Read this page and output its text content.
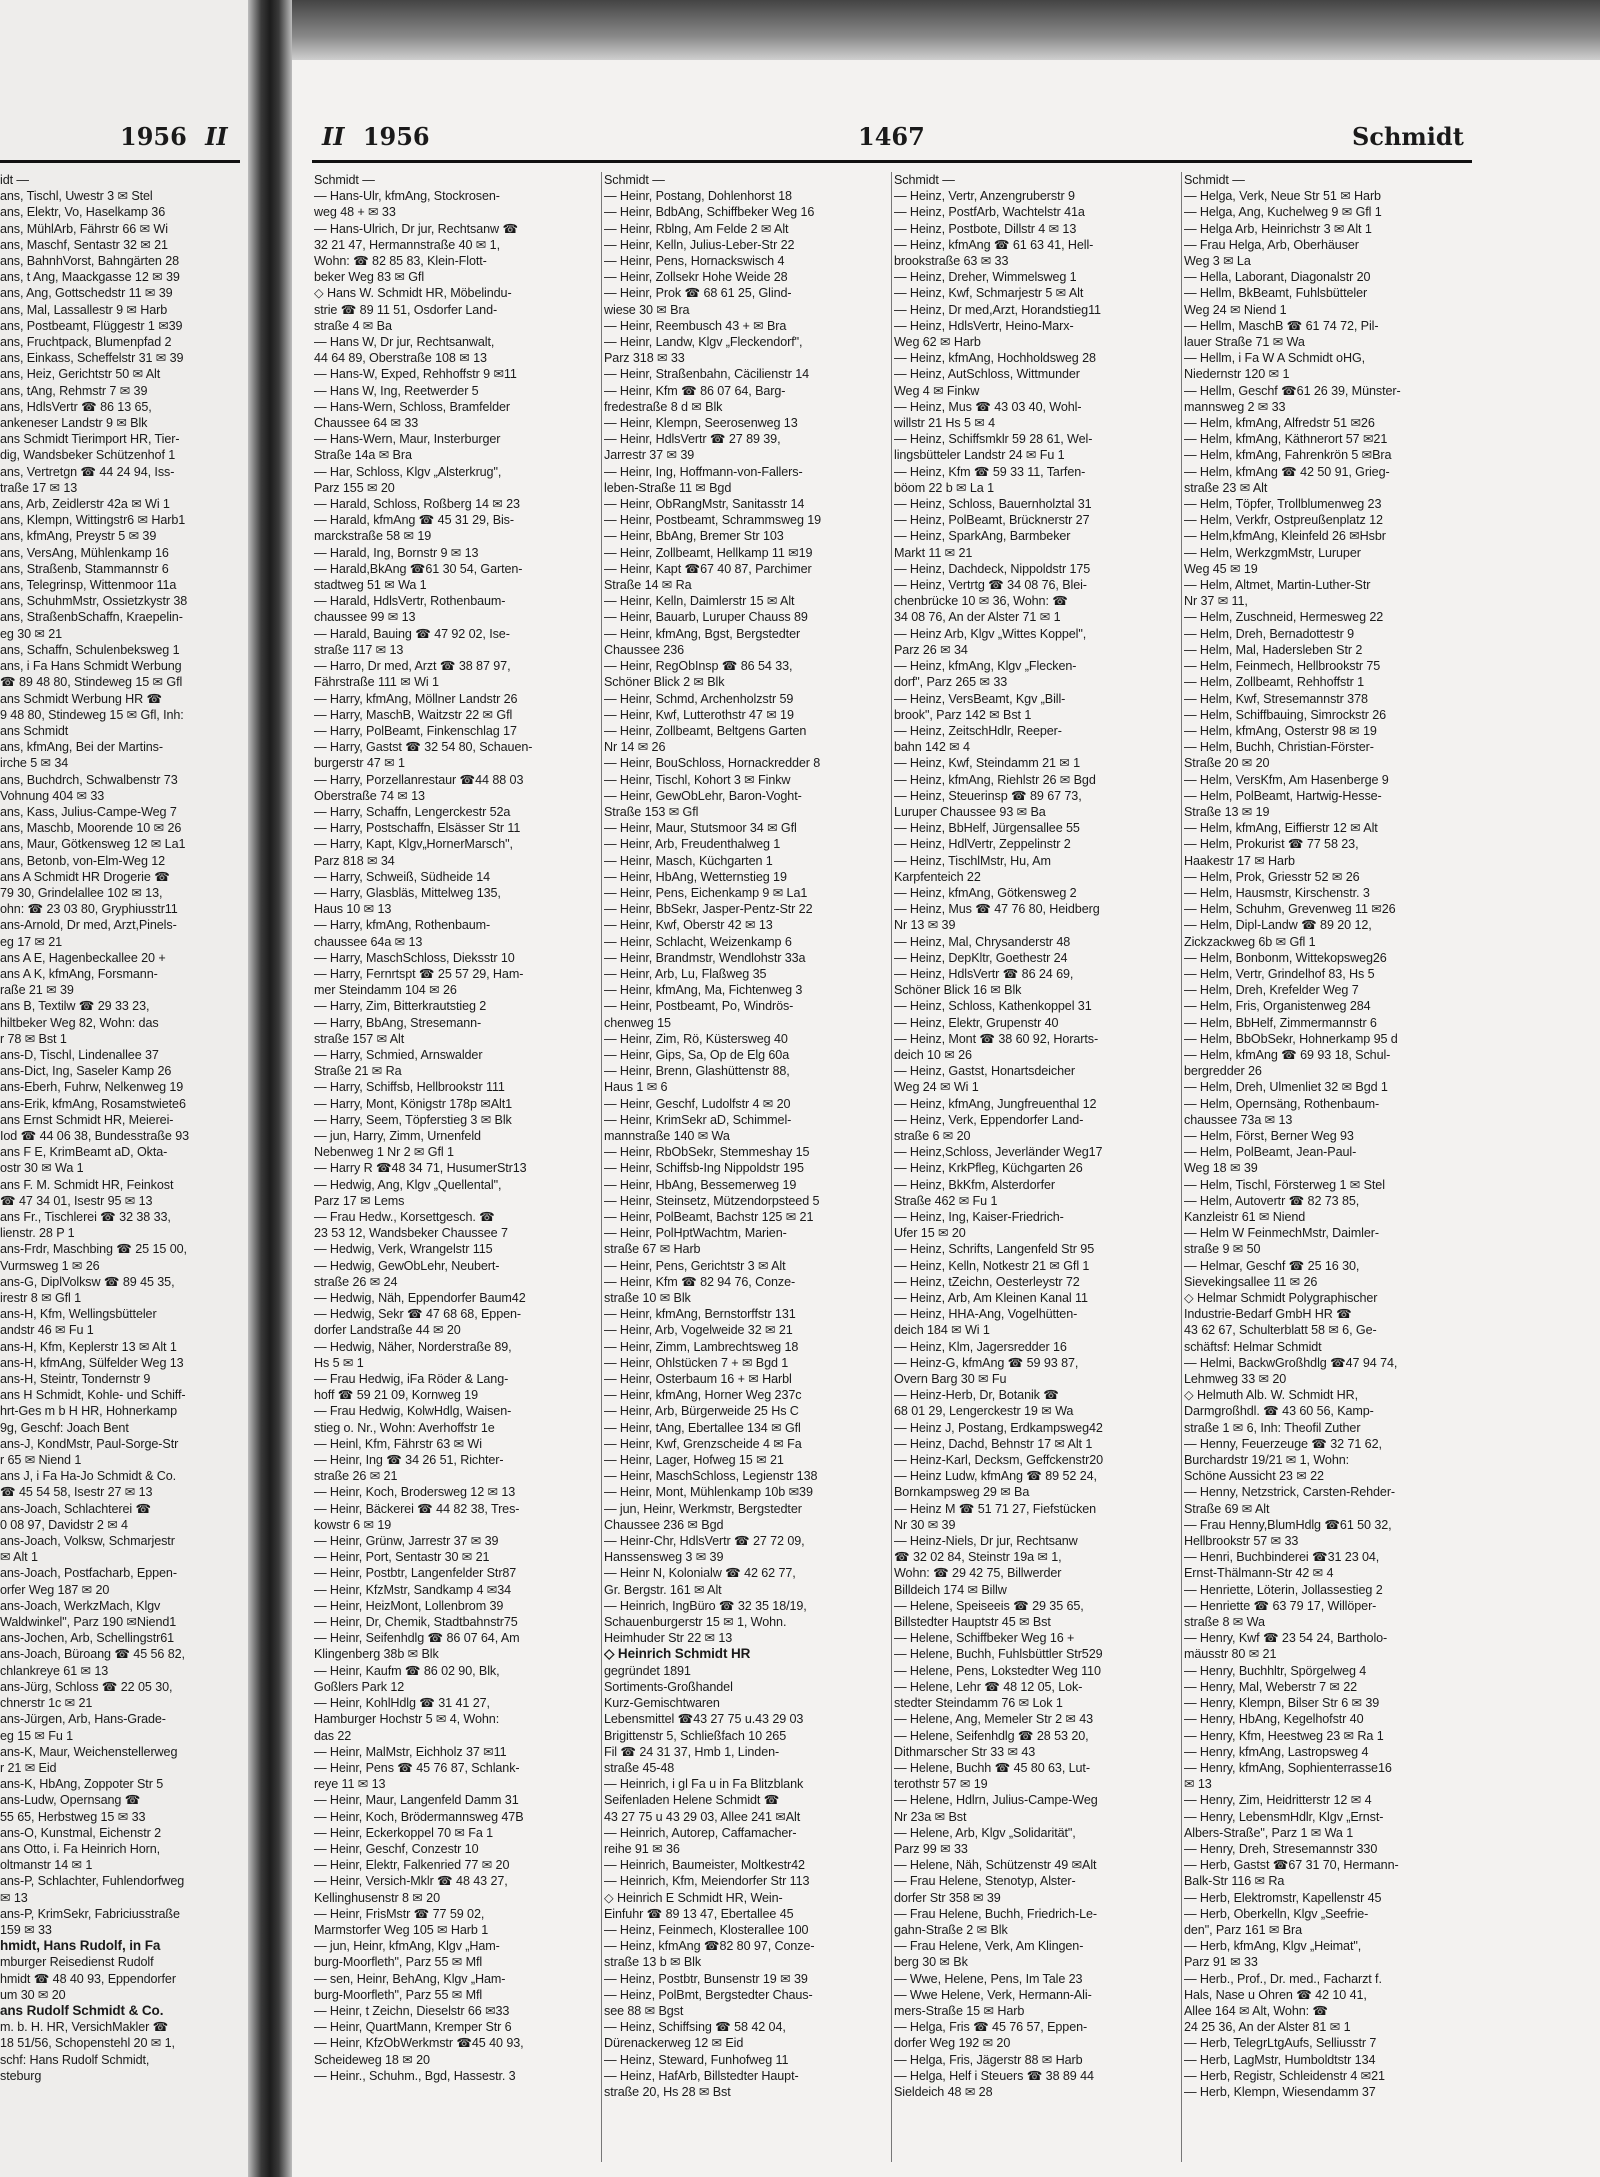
1956 II	II 1956	1467	Schmidt
idt —
ans, Tischl, Uwestr 3 ✉ Stel
ans, Elektr, Vo, Haselkamp 36
ans, MühlArb, Fährstr 66 ✉ Wi
ans, Maschf, Sentastr 32 ✉ 21
ans, BahnhVorst, Bahngärten 28
ans, t Ang, Maackgasse 12 ✉ 39
ans, Ang, Gottschedstr 11 ✉ 39
ans, Mal, Lassallestr 9 ✉ Harb
ans, Postbeamt, Flüggestr 1 ✉39
ans, Fruchtpack, Blumenpfad 2
ans, Einkass, Scheffelstr 31 ✉ 39
ans, Heiz, Gerichtstr 50 ✉ Alt
ans, tAng, Rehmstr 7 ✉ 39
ans, HdlsVertr ☎ 86 13 65,
ankeneser Landstr 9 ✉ Blk
ans Schmidt Tierimport HR, Tier-
dig, Wandsbeker Schützenhof 1
ans, Vertretgn ☎ 44 24 94, Iss-
traße 17 ✉ 13
ans, Arb, Zeidlerstr 42a ✉ Wi 1
ans, Klempn, Wittingstr6 ✉ Harb1
ans, kfmAng, Preystr 5 ✉ 39
ans, VersAng, Mühlenkamp 16
ans, Straßenb, Stammannstr 6
ans, Telegrinsp, Wittenmoor 11a
ans, SchuhmMstr, Ossietzkystr 38
ans, StraßenbSchaffn, Kraepelin-
eg 30 ✉ 21
ans, Schaffn, Schulenbeksweg 1
ans, i Fa Hans Schmidt Werbung
☎ 89 48 80, Stindeweg 15 ✉ Gfl
ans Schmidt Werbung HR ☎
9 48 80, Stindeweg 15 ✉ Gfl, Inh:
ans Schmidt
ans, kfmAng, Bei der Martins-
irche 5 ✉ 34
ans, Buchdrch, Schwalbenstr 73
Vohnung 404 ✉ 33
ans, Kass, Julius-Campe-Weg 7
ans, Maschb, Moorende 10 ✉ 26
ans, Maur, Götkensweg 12 ✉ La1
ans, Betonb, von-Elm-Weg 12
ans A Schmidt HR Drogerie ☎
79 30, Grindelallee 102 ✉ 13,
ohn: ☎ 23 03 80, Gryphiusstr11
ans-Arnold, Dr med, Arzt,Pinels-
eg 17 ✉ 21
ans A E, Hagenbeckallee 20 +
ans A K, kfmAng, Forsmann-
raße 21 ✉ 39
ans B, Textilw ☎ 29 33 23,
hiltbeker Weg 82, Wohn: das
r 78 ✉ Bst 1
ans-D, Tischl, Lindenallee 37
ans-Dict, Ing, Saseler Kamp 26
ans-Eberh, Fuhrw, Nelkenweg 19
ans-Erik, kfmAng, Rosamstwiete6
ans Ernst Schmidt HR, Meierei-
Iod ☎ 44 06 38, Bundesstraße 93
ans F E, KrimBeamt aD, Okta-
ostr 30 ✉ Wa 1
ans F. M. Schmidt HR, Feinkost
☎ 47 34 01, Isestr 95 ✉ 13
ans Fr., Tischlerei ☎ 32 38 33,
lienstr. 28 P 1
ans-Frdr, Maschbing ☎ 25 15 00,
Vurmsweg 1 ✉ 26
ans-G, DiplVolksw ☎ 89 45 35,
irestr 8 ✉ Gfl 1
ans-H, Kfm, Wellingsbütteler
andstr 46 ✉ Fu 1
ans-H, Kfm, Keplerstr 13 ✉ Alt 1
ans-H, kfmAng, Sülfelder Weg 13
ans-H, Steintr, Tondernstr 9
ans H Schmidt, Kohle- und Schiff-
hrt-Ges m b H HR, Hohnerkamp
9g, Geschf: Joach Bent
ans-J, KondMstr, Paul-Sorge-Str
r 65 ✉ Niend 1
ans J, i Fa Ha-Jo Schmidt & Co.
☎ 45 54 58, Isestr 27 ✉ 13
ans-Joach, Schlachterei ☎
0 08 97, Davidstr 2 ✉ 4
ans-Joach, Volksw, Schmarjestr
✉ Alt 1
ans-Joach, Postfacharb, Eppen-
orfer Weg 187 ✉ 20
ans-Joach, WerkzMach, Klgv
Waldwinkel", Parz 190 ✉Niend1
ans-Jochen, Arb, Schellingstr61
ans-Joach, Büroang ☎ 45 56 82,
chlankreye 61 ✉ 13
ans-Jürg, Schloss ☎ 22 05 30,
chnerstr 1c ✉ 21
ans-Jürgen, Arb, Hans-Grade-
eg 15 ✉ Fu 1
ans-K, Maur, Weichenstellerweg
r 21 ✉ Eid
ans-K, HbAng, Zoppoter Str 5
ans-Ludw, Opernsang ☎
55 65, Herbstweg 15 ✉ 33
ans-O, Kunstmal, Eichenstr 2
ans Otto, i. Fa Heinrich Horn,
oltmanstr 14 ✉ 1
ans-P, Schlachter, Fuhlendorfweg
✉ 13
ans-P, KrimSekr, Fabriciusstraße
159 ✉ 33
hmidt, Hans Rudolf, in Fa
mburger Reisedienst Rudolf
hmidt ☎ 48 40 93, Eppendorfer
um 30 ✉ 20
ans Rudolf Schmidt & Co.
m. b. H. HR, VersichMakler ☎
18 51/56, Schopenstehl 20 ✉ 1,
schf: Hans Rudolf Schmidt,
steburg
Schmidt —
— Hans-Ulr, kfmAng, Stockrosen-
weg 48 + ✉ 33
— Hans-Ulrich, Dr jur, Rechtsanw ☎
32 21 47, Hermannstraße 40 ✉ 1,
Wohn: ☎ 82 85 83, Klein-Flott-
beker Weg 83 ✉ Gfl
◇ Hans W. Schmidt HR, Möbelindu-
strie ☎ 89 11 51, Osdorfer Land-
straße 4 ✉ Ba
— Hans W, Dr jur, Rechtsanwalt,
44 64 89, Oberstraße 108 ✉ 13
— Hans-W, Exped, Rehhoffstr 9 ✉11
— Hans W, Ing, Reetwerder 5
— Hans-Wern, Schloss, Bramfelder
Chaussee 64 ✉ 33
— Hans-Wern, Maur, Insterburger
Straße 14a ✉ Bra
— Har, Schloss, Klgv „Alsterkrug",
Parz 155 ✉ 20
— Harald, Schloss, Roßberg 14 ✉ 23
— Harald, kfmAng ☎ 45 31 29, Bis-
marckstraße 58 ✉ 19
— Harald, Ing, Bornstr 9 ✉ 13
— Harald,BkAng ☎61 30 54, Garten-
stadtweg 51 ✉ Wa 1
— Harald, HdlsVertr, Rothenbaum-
chaussee 99 ✉ 13
— Harald, Bauing ☎ 47 92 02, Ise-
straße 117 ✉ 13
— Harro, Dr med, Arzt ☎ 38 87 97,
Fährstraße 111 ✉ Wi 1
— Harry, kfmAng, Möllner Landstr 26
— Harry, MaschB, Waitzstr 22 ✉ Gfl
— Harry, PolBeamt, Finkenschlag 17
— Harry, Gastst ☎ 32 54 80, Schauen-
burgerstr 47 ✉ 1
— Harry, Porzellanrestaur ☎44 88 03
Oberstraße 74 ✉ 13
— Harry, Schaffn, Lengerckestr 52a
— Harry, Postschaffn, Elsässer Str 11
— Harry, Kapt, Klgv„HornerMarsch",
Parz 818 ✉ 34
— Harry, Schweiß, Südheide 14
— Harry, Glasbläs, Mittelweg 135,
Haus 10 ✉ 13
— Harry, kfmAng, Rothenbaum-
chaussee 64a ✉ 13
— Harry, MaschSchloss, Dieksstr 10
— Harry, Fernrtspt ☎ 25 57 29, Ham-
mer Steindamm 104 ✉ 26
— Harry, Zim, Bitterkrautstieg 2
— Harry, BbAng, Stresemann-
straße 157 ✉ Alt
— Harry, Schmied, Arnswalder
Straße 21 ✉ Ra
— Harry, Schiffsb, Hellbrookstr 111
— Harry, Mont, Königstr 178p ✉Alt1
— Harry, Seem, Töpferstieg 3 ✉ Blk
— jun, Harry, Zimm, Urnenfeld
Nebenweg 1 Nr 2 ✉ Gfl 1
— Harry R ☎48 34 71, HusumerStr13
— Hedwig, Ang, Klgv „Quellental",
Parz 17 ✉ Lems
— Frau Hedw., Korsettgesch. ☎
23 53 12, Wandsbeker Chaussee 7
— Hedwig, Verk, Wrangelstr 115
— Hedwig, GewObLehr, Neubert-
straße 26 ✉ 24
— Hedwig, Näh, Eppendorfer Baum42
— Hedwig, Sekr ☎ 47 68 68, Eppen-
dorfer Landstraße 44 ✉ 20
— Hedwig, Näher, Norderstraße 89,
Hs 5 ✉ 1
— Frau Hedwig, iFa Röder & Lang-
hoff ☎ 59 21 09, Kornweg 19
— Frau Hedwig, KolwHdlg, Waisen-
stieg o. Nr., Wohn: Averhoffstr 1e
— Heinl, Kfm, Fährstr 63 ✉ Wi
— Heinr, Ing ☎ 34 26 51, Richter-
straße 26 ✉ 21
— Heinr, Koch, Brodersweg 12 ✉ 13
— Heinr, Bäckerei ☎ 44 82 38, Tres-
kowstr 6 ✉ 19
— Heinr, Grünw, Jarrestr 37 ✉ 39
— Heinr, Port, Sentastr 30 ✉ 21
— Heinr, Postbtr, Langenfelder Str87
— Heinr, KfzMstr, Sandkamp 4 ✉34
— Heinr, HeizMont, Lollenbrom 39
— Heinr, Dr, Chemik, Stadtbahnstr75
— Heinr, Seifenhdlg ☎ 86 07 64, Am
Klingenberg 38b ✉ Blk
— Heinr, Kaufm ☎ 86 02 90, Blk,
Goßlers Park 12
— Heinr, KohlHdlg ☎ 31 41 27,
Hamburger Hochstr 5 ✉ 4, Wohn:
das 22
— Heinr, MalMstr, Eichholz 37 ✉11
— Heinr, Pens ☎ 45 76 87, Schlank-
reye 11 ✉ 13
— Heinr, Maur, Langenfeld Damm 31
— Heinr, Koch, Brödermannsweg 47B
— Heinr, Eckerkoppel 70 ✉ Fa 1
— Heinr, Geschf, Conzestr 10
— Heinr, Elektr, Falkenried 77 ✉ 20
— Heinr, Versich-Mklr ☎ 48 43 27,
Kellinghusenstr 8 ✉ 20
— Heinr, FrisMstr ☎ 77 59 02,
Marmstorfer Weg 105 ✉ Harb 1
— jun, Heinr, kfmAng, Klgv „Ham-
burg-Moorfleth", Parz 55 ✉ Mfl
— sen, Heinr, BehAng, Klgv „Ham-
burg-Moorfleth", Parz 55 ✉ Mfl
— Heinr, t Zeichn, Dieselstr 66 ✉33
— Heinr, QuartMann, Kremper Str 6
— Heinr, KfzObWerkmstr ☎45 40 93,
Scheideweg 18 ✉ 20
— Heinr., Schuhm., Bgd, Hassestr. 3
Schmidt —
— Heinr, Postang, Dohlenhorst 18
— Heinr, BdbAng, Schiffbeker Weg 16
— Heinr, Rblng, Am Felde 2 ✉ Alt
— Heinr, Kelln, Julius-Leber-Str 22
— Heinr, Pens, Hornackswisch 4
— Heinr, Zollsekr Hohe Weide 28
— Heinr, Prok ☎ 68 61 25, Glind-
wiese 30 ✉ Bra
— Heinr, Reembusch 43 + ✉ Bra
— Heinr, Landw, Klgv „Fleckendorf",
Parz 318 ✉ 33
— Heinr, Straßenbahn, Cäcilienstr 14
— Heinr, Kfm ☎ 86 07 64, Barg-
fredestraße 8 d ✉ Blk
— Heinr, Klempn, Seerosenweg 13
— Heinr, HdlsVertr ☎ 27 89 39,
Jarrestr 37 ✉ 39
— Heinr, Ing, Hoffmann-von-Fallers-
leben-Straße 11 ✉ Bgd
— Heinr, ObRangMstr, Sanitasstr 14
— Heinr, Postbeamt, Schrammsweg 19
— Heinr, BbAng, Bremer Str 103
— Heinr, Zollbeamt, Hellkamp 11 ✉19
— Heinr, Kapt ☎67 40 87, Parchimer
Straße 14 ✉ Ra
— Heinr, Kelln, Daimlerstr 15 ✉ Alt
— Heinr, Bauarb, Luruper Chauss 89
— Heinr, kfmAng, Bgst, Bergstedter
Chaussee 236
— Heinr, RegObInsp ☎ 86 54 33,
Schöner Blick 2 ✉ Blk
— Heinr, Schmd, Archenholzstr 59
— Heinr, Kwf, Lutterothstr 47 ✉ 19
— Heinr, Zollbeamt, Beltgens Garten
Nr 14 ✉ 26
— Heinr, BouSchloss, Hornackredder 8
— Heinr, Tischl, Kohort 3 ✉ Finkw
— Heinr, GewObLehr, Baron-Voght-
Straße 153 ✉ Gfl
— Heinr, Maur, Stutsmoor 34 ✉ Gfl
— Heinr, Arb, Freudenthalweg 1
— Heinr, Masch, Küchgarten 1
— Heinr, HbAng, Wetternstieg 19
— Heinr, Pens, Eichenkamp 9 ✉ La1
— Heinr, BbSekr, Jasper-Pentz-Str 22
— Heinr, Kwf, Oberstr 42 ✉ 13
— Heinr, Schlacht, Weizenkamp 6
— Heinr, Brandmstr, Wendlohstr 33a
— Heinr, Arb, Lu, Flaßweg 35
— Heinr, kfmAng, Ma, Fichtenweg 3
— Heinr, Postbeamt, Po, Windrös-
chenweg 15
— Heinr, Zim, Rö, Küstersweg 40
— Heinr, Gips, Sa, Op de Elg 60a
— Heinr, Brenn, Glashüttenstr 88,
Haus 1 ✉ 6
— Heinr, Geschf, Ludolfstr 4 ✉ 20
— Heinr, KrimSekr aD, Schimmel-
mannstraße 140 ✉ Wa
— Heinr, RbObSekr, Stemmeshay 15
— Heinr, Schiffsb-Ing Nippoldstr 195
— Heinr, HbAng, Bessemerweg 19
— Heinr, Steinsetz, Mützendorpsteed 5
— Heinr, PolBeamt, Bachstr 125 ✉ 21
— Heinr, PolHptWachtm, Marien-
straße 67 ✉ Harb
— Heinr, Pens, Gerichtstr 3 ✉ Alt
— Heinr, Kfm ☎ 82 94 76, Conze-
straße 10 ✉ Blk
— Heinr, kfmAng, Bernstorffstr 131
— Heinr, Arb, Vogelweide 32 ✉ 21
— Heinr, Zimm, Lambrechtsweg 18
— Heinr, Ohlstücken 7 + ✉ Bgd 1
— Heinr, Osterbaum 16 + ✉ Harbl
— Heinr, kfmAng, Horner Weg 237c
— Heinr, Arb, Bürgerweide 25 Hs C
— Heinr, tAng, Ebertallee 134 ✉ Gfl
— Heinr, Kwf, Grenzscheide 4 ✉ Fa
— Heinr, Lager, Hofweg 15 ✉ 21
— Heinr, MaschSchloss, Legienstr 138
— Heinr, Mont, Mühlenkamp 10b ✉39
— jun, Heinr, Werkmstr, Bergstedter
Chaussee 236 ✉ Bgd
— Heinr-Chr, HdlsVertr ☎ 27 72 09,
Hanssensweg 3 ✉ 39
— Heinr N, Kolonialw ☎ 42 62 77,
Gr. Bergstr. 161 ✉ Alt
— Heinrich, IngBüro ☎ 32 35 18/19,
Schauenburgerstr 15 ✉ 1, Wohn.
Heimhuder Str 22 ✉ 13
◇ Heinrich Schmidt HR
gegründet 1891
Sortiments-Großhandel
Kurz-Gemischtwaren
Lebensmittel ☎43 27 75 u.43 29 03
Brigittenstr 5, Schließfach 10 265
Fil ☎ 24 31 37, Hmb 1, Linden-
straße 45-48
— Heinrich, i gl Fa u in Fa Blitzblank
Seifenladen Helene Schmidt ☎
43 27 75 u 43 29 03, Allee 241 ✉Alt
— Heinrich, Autorep, Caffamacher-
reihe 91 ✉ 36
— Heinrich, Baumeister, Moltkestr42
— Heinrich, Kfm, Meiendorfer Str 113
◇ Heinrich E Schmidt HR, Wein-
Einfuhr ☎ 89 13 47, Ebertallee 45
— Heinz, Feinmech, Klosterallee 100
— Heinz, kfmAng ☎82 80 97, Conze-
straße 13 b ✉ Blk
— Heinz, Postbtr, Bunsenstr 19 ✉ 39
— Heinz, PolBmt, Bergstedter Chaus-
see 88 ✉ Bgst
— Heinz, Schiffsing ☎ 58 42 04,
Dürenackerweg 12 ✉ Eid
— Heinz, Steward, Funhofweg 11
— Heinz, HafArb, Billstedter Haupt-
straße 20, Hs 28 ✉ Bst
Schmidt —
— Heinz, Vertr, Anzengruberstr 9
— Heinz, PostfArb, Wachtelstr 41a
— Heinz, Postbote, Dillstr 4 ✉ 13
— Heinz, kfmAng ☎ 61 63 41, Hell-
brookstraße 63 ✉ 33
— Heinz, Dreher, Wimmelsweg 1
— Heinz, Kwf, Schmarjestr 5 ✉ Alt
— Heinz, Dr med,Arzt, Horandstieg11
— Heinz, HdlsVertr, Heino-Marx-
Weg 62 ✉ Harb
— Heinz, kfmAng, Hochholdsweg 28
— Heinz, AutSchloss, Wittmunder
Weg 4 ✉ Finkw
— Heinz, Mus ☎ 43 03 40, Wohl-
willstr 21 Hs 5 ✉ 4
— Heinz, Schiffsmklr 59 28 61, Wel-
lingsbütteler Landstr 24 ✉ Fu 1
— Heinz, Kfm ☎ 59 33 11, Tarfen-
böom 22 b ✉ La 1
— Heinz, Schloss, Bauernholztal 31
— Heinz, PolBeamt, Brücknerstr 27
— Heinz, SparkAng, Barmbeker
Markt 11 ✉ 21
— Heinz, Dachdeck, Nippoldstr 175
— Heinz, Vertrtg ☎ 34 08 76, Blei-
chenbrücke 10 ✉ 36, Wohn: ☎
34 08 76, An der Alster 71 ✉ 1
— Heinz Arb, Klgv „Wittes Koppel",
Parz 26 ✉ 34
— Heinz, kfmAng, Klgv „Flecken-
dorf", Parz 265 ✉ 33
— Heinz, VersBeamt, Kgv „Bill-
brook", Parz 142 ✉ Bst 1
— Heinz, ZeitschHdlr, Reeper-
bahn 142 ✉ 4
— Heinz, Kwf, Steindamm 21 ✉ 1
— Heinz, kfmAng, Riehlstr 26 ✉ Bgd
— Heinz, Steuerinsp ☎ 89 67 73,
Luruper Chaussee 93 ✉ Ba
— Heinz, BbHelf, Jürgensallee 55
— Heinz, HdlVertr, Zeppelinstr 2
— Heinz, TischlMstr, Hu, Am
Karpfenteich 22
— Heinz, kfmAng, Götkensweg 2
— Heinz, Mus ☎ 47 76 80, Heidberg
Nr 13 ✉ 39
— Heinz, Mal, Chrysanderstr 48
— Heinz, DepKltr, Goethestr 24
— Heinz, HdlsVertr ☎ 86 24 69,
Schöner Blick 16 ✉ Blk
— Heinz, Schloss, Kathenkoppel 31
— Heinz, Elektr, Grupenstr 40
— Heinz, Mont ☎ 38 60 92, Horarts-
deich 10 ✉ 26
— Heinz, Gastst, Honartsdeicher
Weg 24 ✉ Wi 1
— Heinz, kfmAng, Jungfreuenthal 12
— Heinz, Verk, Eppendorfer Land-
straße 6 ✉ 20
— Heinz,Schloss, Jeverländer Weg17
— Heinz, KrkPfleg, Küchgarten 26
— Heinz, BkKfm, Alsterdorfer
Straße 462 ✉ Fu 1
— Heinz, Ing, Kaiser-Friedrich-
Ufer 15 ✉ 20
— Heinz, Schrifts, Langenfeld Str 95
— Heinz, Kelln, Notkestr 21 ✉ Gfl 1
— Heinz, tZeichn, Oesterleystr 72
— Heinz, Arb, Am Kleinen Kanal 11
— Heinz, HHA-Ang, Vogelhütten-
deich 184 ✉ Wi 1
— Heinz, Klm, Jagersredder 16
— Heinz-G, kfmAng ☎ 59 93 87,
Overn Barg 30 ✉ Fu
— Heinz-Herb, Dr, Botanik ☎
68 01 29, Lengerckestr 19 ✉ Wa
— Heinz J, Postang, Erdkampsweg42
— Heinz, Dachd, Behnstr 17 ✉ Alt 1
— Heinz-Karl, Decksm, Geffckenstr20
— Heinz Ludw, kfmAng ☎ 89 52 24,
Bornkampsweg 29 ✉ Ba
— Heinz M ☎ 51 71 27, Fiefstücken
Nr 30 ✉ 39
— Heinz-Niels, Dr jur, Rechtsanw
☎ 32 02 84, Steinstr 19a ✉ 1,
Wohn: ☎ 29 42 75, Billwerder
Billdeich 174 ✉ Billw
— Helene, Speiseeis ☎ 29 35 65,
Billstedter Hauptstr 45 ✉ Bst
— Helene, Schiffbeker Weg 16 +
— Helene, Buchh, Fuhlsbüttler Str529
— Helene, Pens, Lokstedter Weg 110
— Helene, Lehr ☎ 48 12 05, Lok-
stedter Steindamm 76 ✉ Lok 1
— Helene, Ang, Memeler Str 2 ✉ 43
— Helene, Seifenhdlg ☎ 28 53 20,
Dithmarscher Str 33 ✉ 43
— Helene, Buchh ☎ 45 80 63, Lut-
terothstr 57 ✉ 19
— Helene, Hdlrn, Julius-Campe-Weg
Nr 23a ✉ Bst
— Helene, Arb, Klgv „Solidarität",
Parz 99 ✉ 33
— Helene, Näh, Schützenstr 49 ✉Alt
— Frau Helene, Stenotyp, Alster-
dorfer Str 358 ✉ 39
— Frau Helene, Buchh, Friedrich-Le-
gahn-Straße 2 ✉ Blk
— Frau Helene, Verk, Am Klingen-
berg 30 ✉ Bk
— Wwe, Helene, Pens, Im Tale 23
— Wwe Helene, Verk, Hermann-Ali-
mers-Straße 15 ✉ Harb
— Helga, Fris ☎ 45 76 57, Eppen-
dorfer Weg 192 ✉ 20
— Helga, Fris, Jägerstr 88 ✉ Harb
— Helga, Helf i Steuers ☎ 38 89 44
Sieldeich 48 ✉ 28
Schmidt —
— Helga, Verk, Neue Str 51 ✉ Harb
— Helga, Ang, Kuchelweg 9 ✉ Gfl 1
— Helga Arb, Heinrichstr 3 ✉ Alt 1
— Frau Helga, Arb, Oberhäuser
Weg 3 ✉ La
— Hella, Laborant, Diagonalstr 20
— Hellm, BkBeamt, Fuhlsbütteler
Weg 24 ✉ Niend 1
— Hellm, MaschB ☎ 61 74 72, Pil-
lauer Straße 71 ✉ Wa
— Hellm, i Fa W A Schmidt oHG,
Niedernstr 120 ✉ 1
— Hellm, Geschf ☎61 26 39, Münster-
mannsweg 2 ✉ 33
— Helm, kfmAng, Alfredstr 51 ✉26
— Helm, kfmAng, Käthnerort 57 ✉21
— Helm, kfmAng, Fahrenkrön 5 ✉Bra
— Helm, kfmAng ☎ 42 50 91, Grieg-
straße 23 ✉ Alt
— Helm, Töpfer, Trollblumenweg 23
— Helm, Verkfr, Ostpreußenplatz 12
— Helm,kfmAng, Kleinfeld 26 ✉Hsbr
— Helm, WerkzgmMstr, Luruper
Weg 45 ✉ 19
— Helm, Altmet, Martin-Luther-Str
Nr 37 ✉ 11,
— Helm, Zuschneid, Hermesweg 22
— Helm, Dreh, Bernadottestr 9
— Helm, Mal, Hadersleben Str 2
— Helm, Feinmech, Hellbrookstr 75
— Helm, Zollbeamt, Rehhoffstr 1
— Helm, Kwf, Stresemannstr 378
— Helm, Schiffbauing, Simrockstr 26
— Helm, kfmAng, Osterstr 98 ✉ 19
— Helm, Buchh, Christian-Förster-
Straße 20 ✉ 20
— Helm, VersKfm, Am Hasenberge 9
— Helm, PolBeamt, Hartwig-Hesse-
Straße 13 ✉ 19
— Helm, kfmAng, Eiffierstr 12 ✉ Alt
— Helm, Prokurist ☎ 77 58 23,
Haakestr 17 ✉ Harb
— Helm, Prok, Griesstr 52 ✉ 26
— Helm, Hausmstr, Kirschenstr. 3
— Helm, Schuhm, Grevenweg 11 ✉26
— Helm, Dipl-Landw ☎ 89 20 12,
Zickzackweg 6b ✉ Gfl 1
— Helm, Bonbonm, Wittekopsweg26
— Helm, Vertr, Grindelhof 83, Hs 5
— Helm, Dreh, Krefelder Weg 7
— Helm, Fris, Organistenweg 284
— Helm, BbHelf, Zimmermannstr 6
— Helm, BbObSekr, Hohnerkamp 95 d
— Helm, kfmAng ☎ 69 93 18, Schul-
bergredder 26
— Helm, Dreh, Ulmenliet 32 ✉ Bgd 1
— Helm, Opernsäng, Rothenbaum-
chaussee 73a ✉ 13
— Helm, Först, Berner Weg 93
— Helm, PolBeamt, Jean-Paul-
Weg 18 ✉ 39
— Helm, Tischl, Försterweg 1 ✉ Stel
— Helm, Autovertr ☎ 82 73 85,
Kanzleistr 61 ✉ Niend
— Helm W FeinmechMstr, Daimler-
straße 9 ✉ 50
— Helmar, Geschf ☎ 25 16 30,
Sievekingsallee 11 ✉ 26
◇ Helmar Schmidt Polygraphischer
Industrie-Bedarf GmbH HR ☎
43 62 67, Schulterblatt 58 ✉ 6, Ge-
schäftsf: Helmar Schmidt
— Helmi, BackwGroßhdlg ☎47 94 74,
Lehmweg 33 ✉ 20
◇ Helmuth Alb. W. Schmidt HR,
Darmgroßhdl. ☎ 43 60 56, Kamp-
straße 1 ✉ 6, Inh: Theofil Zuther
— Henny, Feuerzeuge ☎ 32 71 62,
Burchardstr 19/21 ✉ 1, Wohn:
Schöne Aussicht 23 ✉ 22
— Henny, Netzstrick, Carsten-Rehder-
Straße 69 ✉ Alt
— Frau Henny,BlumHdlg ☎61 50 32,
Hellbrookstr 57 ✉ 33
— Henri, Buchbinderei ☎31 23 04,
Ernst-Thälmann-Str 42 ✉ 4
— Henriette, Löterin, Jollassestieg 2
— Henriette ☎ 63 79 17, Willöper-
straße 8 ✉ Wa
— Henry, Kwf ☎ 23 54 24, Bartholo-
mäusstr 80 ✉ 21
— Henry, Buchhltr, Spörgelweg 4
— Henry, Mal, Weberstr 7 ✉ 22
— Henry, Klempn, Bilser Str 6 ✉ 39
— Henry, HbAng, Kegelhofstr 40
— Henry, Kfm, Heestweg 23 ✉ Ra 1
— Henry, kfmAng, Lastropsweg 4
— Henry, kfmAng, Sophienterrasse16
✉ 13
— Henry, Zim, Heidritterstr 12 ✉ 4
— Henry, LebensmHdlr, Klgv „Ernst-
Albers-Straße", Parz 1 ✉ Wa 1
— Henry, Dreh, Stresemannstr 330
— Herb, Gastst ☎67 31 70, Hermann-
Balk-Str 116 ✉ Ra
— Herb, Elektromstr, Kapellenstr 45
— Herb, Oberkelln, Klgv „Seefrie-
den", Parz 161 ✉ Bra
— Herb, kfmAng, Klgv „Heimat",
Parz 91 ✉ 33
— Herb., Prof., Dr. med., Facharzt f.
Hals, Nase u Ohren ☎ 42 10 41,
Allee 164 ✉ Alt, Wohn: ☎
24 25 36, An der Alster 81 ✉ 1
— Herb, TelegrLtgAufs, Selliusstr 7
— Herb, LagMstr, Humboldtstr 134
— Herb, Registr, Schleidenstr 4 ✉21
— Herb, Klempn, Wiesendamm 37
